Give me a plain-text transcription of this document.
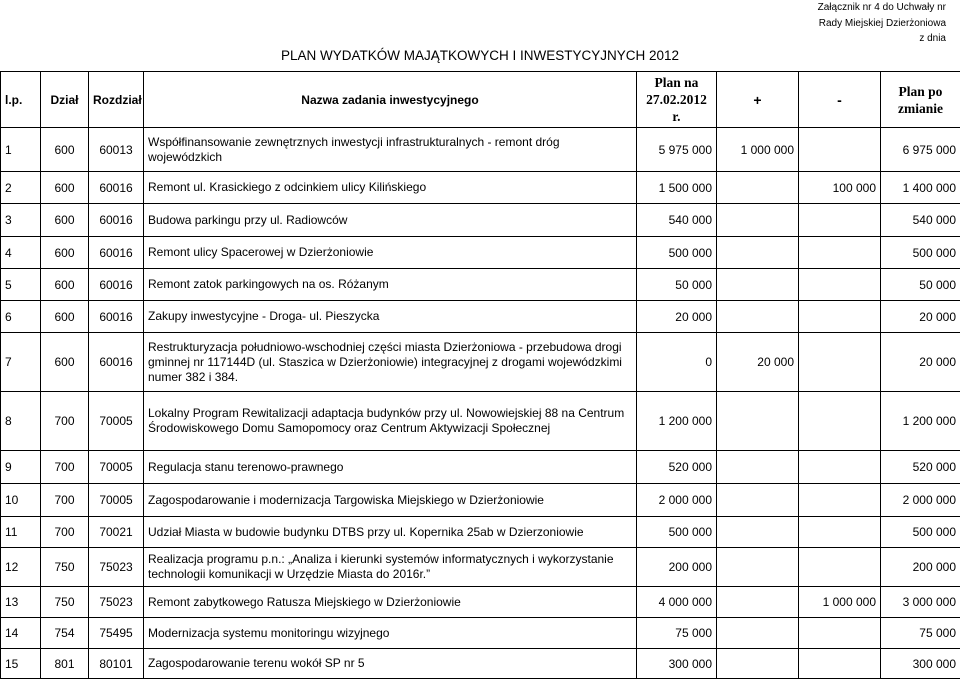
Załącznik nr 4 do Uchwały nr
Rady Miejskiej Dzierżoniowa
z dnia
PLAN WYDATKÓW MAJĄTKOWYCH I INWESTYCYJNYCH 2012
l.p.	Dział	Rozdział	Nazwa zadania inwestycyjnego	Plan na 27.02.2012 r.	+	-	Plan po zmianie
1	600	60013	Współfinansowanie zewnętrznych inwestycji infrastrukturalnych - remont dróg wojewódzkich	5 975 000	1 000 000		6 975 000
2	600	60016	Remont ul. Krasickiego z odcinkiem ulicy Kilińskiego	1 500 000		100 000	1 400 000
3	600	60016	Budowa parkingu przy ul. Radiowców	540 000			540 000
4	600	60016	Remont ulicy Spacerowej w Dzierżoniowie	500 000			500 000
5	600	60016	Remont zatok parkingowych na os. Różanym	50 000			50 000
6	600	60016	Zakupy inwestycyjne - Droga- ul. Pieszycka	20 000			20 000
7	600	60016	Restrukturyzacja południowo-wschodniej części miasta Dzierżoniowa - przebudowa drogi gminnej nr 117144D (ul. Staszica w Dzierżoniowie) integracyjnej z drogami wojewódzkimi numer 382 i 384.	0	20 000		20 000
8	700	70005	Lokalny Program Rewitalizacji adaptacja budynków przy ul. Nowowiejskiej 88 na Centrum Środowiskowego Domu Samopomocy oraz Centrum Aktywizacji Społecznej	1 200 000			1 200 000
9	700	70005	Regulacja stanu terenowo-prawnego	520 000			520 000
10	700	70005	Zagospodarowanie i modernizacja Targowiska Miejskiego w Dzierżoniowie	2 000 000			2 000 000
11	700	70021	Udział Miasta w budowie budynku DTBS przy ul. Kopernika 25ab w Dzierzoniowie	500 000			500 000
12	750	75023	Realizacja programu p.n.: „Analiza i kierunki systemów informatycznych i wykorzystanie technologii komunikacji w Urzędzie Miasta do 2016r.”	200 000			200 000
13	750	75023	Remont zabytkowego Ratusza Miejskiego w Dzierżoniowie	4 000 000		1 000 000	3 000 000
14	754	75495	Modernizacja systemu monitoringu wizyjnego	75 000			75 000
15	801	80101	Zagospodarowanie terenu wokół SP nr 5	300 000			300 000
